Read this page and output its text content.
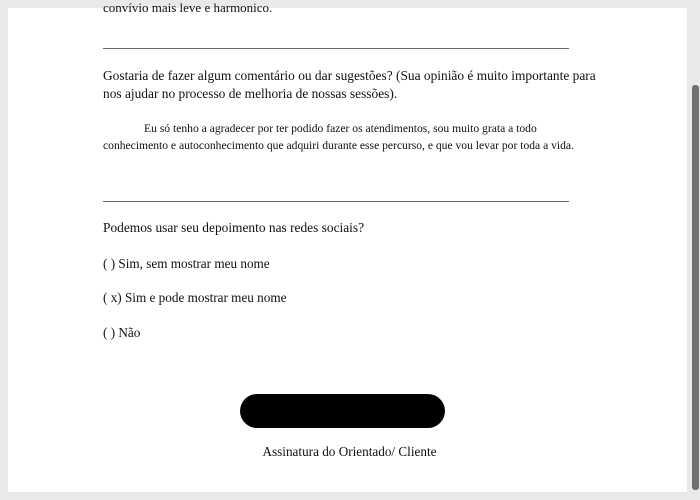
convívio mais leve e harmonico.
Gostaria de fazer algum comentário ou dar sugestões? (Sua opinião é muito importante para nos ajudar no processo de melhoria de nossas sessões).
Eu só tenho a agradecer por ter podido fazer os atendimentos, sou muito grata a todo conhecimento e autoconhecimento que adquiri durante esse percurso, e que vou levar por toda a vida.
Podemos usar seu depoimento nas redes sociais?
( ) Sim, sem mostrar meu nome
( x) Sim e pode mostrar meu nome
( ) Não
Assinatura do Orientado/ Cliente
